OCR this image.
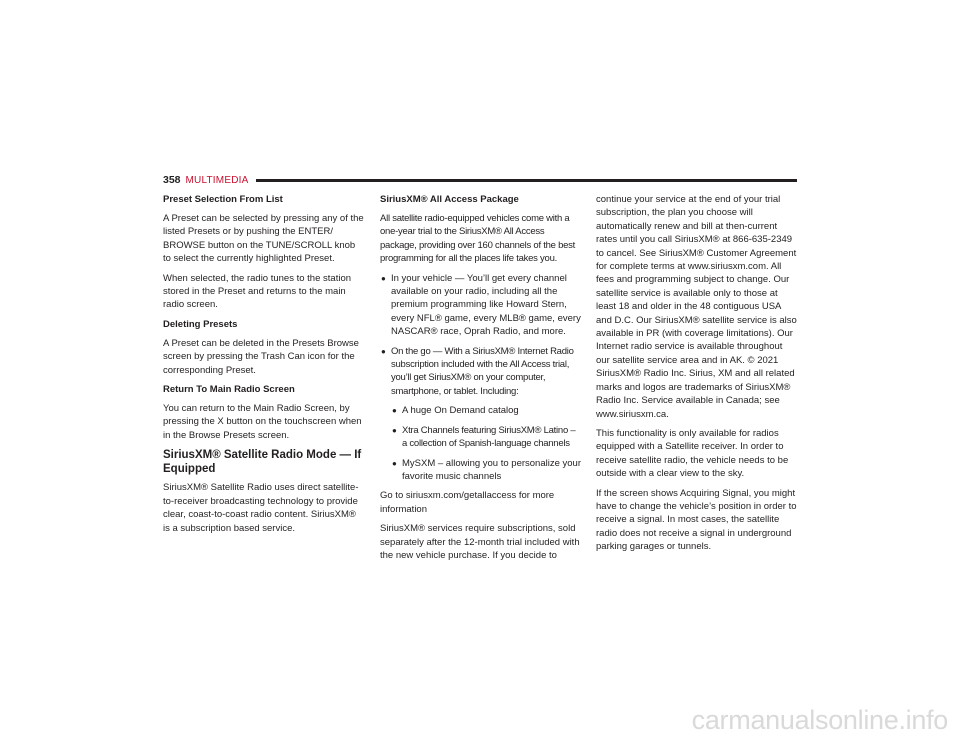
358 MULTIMEDIA
Preset Selection From List

A Preset can be selected by pressing any of the listed Presets or by pushing the ENTER/ BROWSE button on the TUNE/SCROLL knob to select the currently highlighted Preset.

When selected, the radio tunes to the station stored in the Preset and returns to the main radio screen.

Deleting Presets

A Preset can be deleted in the Presets Browse screen by pressing the Trash Can icon for the corresponding Preset.

Return To Main Radio Screen

You can return to the Main Radio Screen, by pressing the X button on the touchscreen when in the Browse Presets screen.

SiriusXM® Satellite Radio Mode — If Equipped

SiriusXM® Satellite Radio uses direct satellite-to-receiver broadcasting technology to provide clear, coast-to-coast radio content. SiriusXM® is a subscription based service.

SiriusXM® All Access Package

All satellite radio-equipped vehicles come with a one-year trial to the SiriusXM® All Access package, providing over 160 channels of the best programming for all the places life takes you.

● In your vehicle — You’ll get every channel available on your radio, including all the premium programming like Howard Stern, every NFL® game, every MLB® game, every NASCAR® race, Oprah Radio, and more.
● On the go — With a SiriusXM® Internet Radio subscription included with the All Access trial, you’ll get SiriusXM® on your computer, smartphone, or tablet. Including:
● A huge On Demand catalog
● Xtra Channels featuring SiriusXM® Latino – a collection of Spanish-language channels
● MySXM – allowing you to personalize your favorite music channels

Go to siriusxm.com/getallaccess for more information

SiriusXM® services require subscriptions, sold separately after the 12-month trial included with the new vehicle purchase. If you decide to

continue your service at the end of your trial subscription, the plan you choose will automatically renew and bill at then-current rates until you call SiriusXM® at 866-635-2349 to cancel. See SiriusXM® Customer Agreement for complete terms at www.siriusxm.com. All fees and programming subject to change. Our satellite service is available only to those at least 18 and older in the 48 contiguous USA and D.C. Our SiriusXM® satellite service is also available in PR (with coverage limitations). Our Internet radio service is available throughout our satellite service area and in AK. © 2021 SiriusXM® Radio Inc. Sirius, XM and all related marks and logos are trademarks of SiriusXM® Radio Inc. Service available in Canada; see www.siriusxm.ca.

This functionality is only available for radios equipped with a Satellite receiver. In order to receive satellite radio, the vehicle needs to be outside with a clear view to the sky.

If the screen shows Acquiring Signal, you might have to change the vehicle’s position in order to receive a signal. In most cases, the satellite radio does not receive a signal in underground parking garages or tunnels.

carmanualsonline.info
